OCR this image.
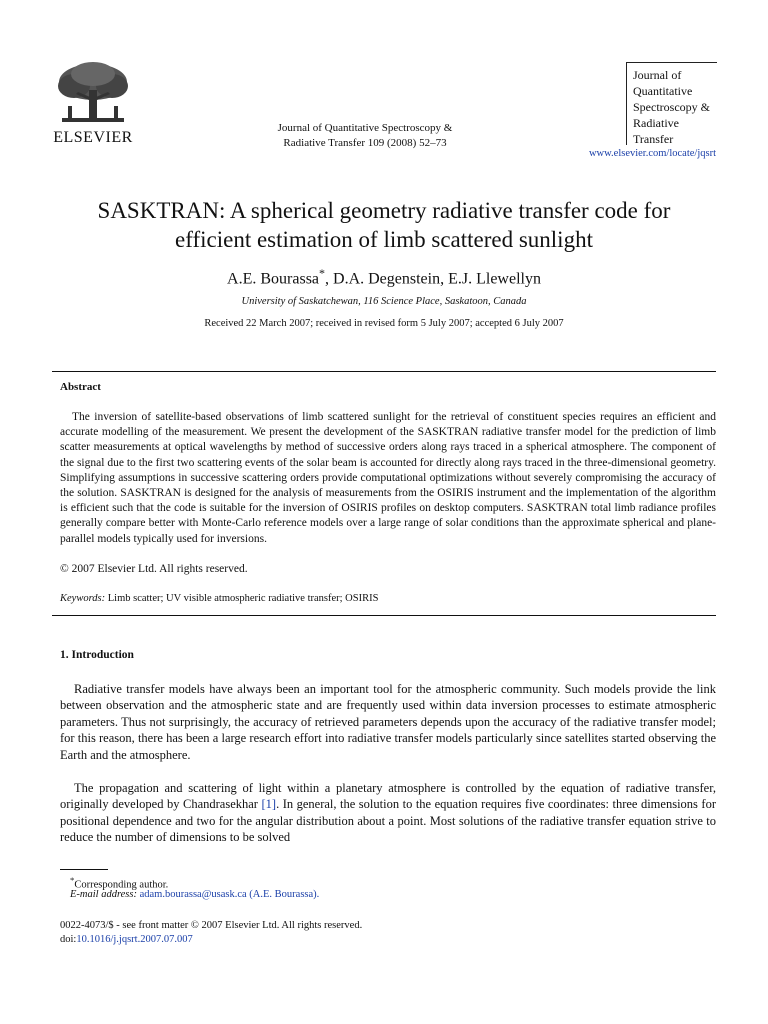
ELSEVIER
Journal of Quantitative Spectroscopy &
Radiative Transfer 109 (2008) 52–73
Journal of
Quantitative
Spectroscopy &
Radiative
Transfer
www.elsevier.com/locate/jqsrt
SASKTRAN: A spherical geometry radiative transfer code for
efficient estimation of limb scattered sunlight
A.E. Bourassa*, D.A. Degenstein, E.J. Llewellyn
University of Saskatchewan, 116 Science Place, Saskatoon, Canada
Received 22 March 2007; received in revised form 5 July 2007; accepted 6 July 2007
Abstract
The inversion of satellite-based observations of limb scattered sunlight for the retrieval of constituent species requires an efficient and accurate modelling of the measurement. We present the development of the SASKTRAN radiative transfer model for the prediction of limb scatter measurements at optical wavelengths by method of successive orders along rays traced in a spherical atmosphere. The component of the signal due to the first two scattering events of the solar beam is accounted for directly along rays traced in the three-dimensional geometry. Simplifying assumptions in successive scattering orders provide computational optimizations without severely compromising the accuracy of the solution. SASKTRAN is designed for the analysis of measurements from the OSIRIS instrument and the implementation of the algorithm is efficient such that the code is suitable for the inversion of OSIRIS profiles on desktop computers. SASKTRAN total limb radiance profiles generally compare better with Monte-Carlo reference models over a large range of solar conditions than the approximate spherical and plane-parallel models typically used for inversions.
© 2007 Elsevier Ltd. All rights reserved.
Keywords: Limb scatter; UV visible atmospheric radiative transfer; OSIRIS
1. Introduction
Radiative transfer models have always been an important tool for the atmospheric community. Such models provide the link between observation and the atmospheric state and are frequently used within data inversion processes to estimate atmospheric parameters. Thus not surprisingly, the accuracy of retrieved parameters depends upon the accuracy of the radiative transfer model; for this reason, there has been a large research effort into radiative transfer models particularly since satellites started observing the Earth and the atmosphere.
The propagation and scattering of light within a planetary atmosphere is controlled by the equation of radiative transfer, originally developed by Chandrasekhar [1]. In general, the solution to the equation requires five coordinates: three dimensions for positional dependence and two for the angular distribution about a point. Most solutions of the radiative transfer equation strive to reduce the number of dimensions to be solved
*Corresponding author.
E-mail address: adam.bourassa@usask.ca (A.E. Bourassa).
0022-4073/$ - see front matter © 2007 Elsevier Ltd. All rights reserved.
doi:10.1016/j.jqsrt.2007.07.007
